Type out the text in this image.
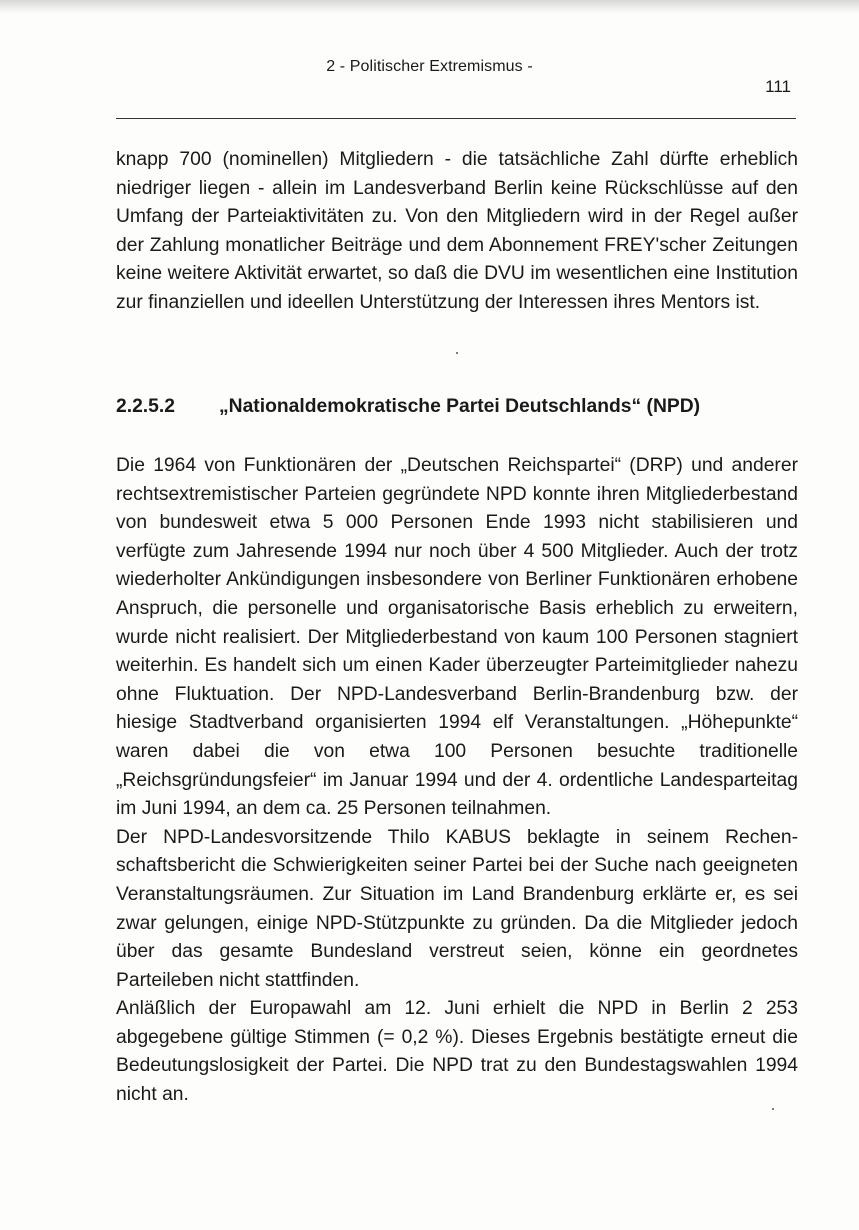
2 - Politischer Extremismus -
111

knapp 700 (nominellen) Mitgliedern - die tatsächliche Zahl dürfte erheblich niedriger liegen - allein im Landesverband Berlin keine Rückschlüsse auf den Umfang der Parteiaktivitäten zu. Von den Mitgliedern wird in der Regel außer der Zahlung monatlicher Beiträge und dem Abonnement FREY'scher Zeitungen keine weitere Aktivität erwartet, so daß die DVU im wesentlichen eine Institution zur finanziellen und ideellen Unterstützung der Interessen ihres Mentors ist.

2.2.5.2	„Nationaldemokratische Partei Deutschlands“ (NPD)

Die 1964 von Funktionären der „Deutschen Reichspartei“ (DRP) und anderer rechtsextremistischer Parteien gegründete NPD konnte ihren Mitgliederbestand von bundesweit etwa 5 000 Personen Ende 1993 nicht stabilisieren und verfügte zum Jahresende 1994 nur noch über 4 500 Mitglieder. Auch der trotz wiederholter Ankündigungen insbesondere von Berliner Funktionären erhobene Anspruch, die personelle und organisatorische Basis erheblich zu erweitern, wurde nicht realisiert. Der Mitgliederbestand von kaum 100 Personen stagniert weiterhin. Es handelt sich um einen Kader überzeugter Parteimitglieder nahezu ohne Fluktuation. Der NPD-Landesverband Berlin-Brandenburg bzw. der hiesige Stadtverband organisierten 1994 elf Veranstaltungen. „Höhepunkte“ waren dabei die von etwa 100 Personen besuchte traditionelle „Reichsgründungsfeier“ im Januar 1994 und der 4. ordentliche Landesparteitag im Juni 1994, an dem ca. 25 Personen teilnahmen.

Der NPD-Landesvorsitzende Thilo KABUS beklagte in seinem Rechenschaftsbericht die Schwierigkeiten seiner Partei bei der Suche nach geeigneten Veranstaltungsräumen. Zur Situation im Land Brandenburg erklärte er, es sei zwar gelungen, einige NPD-Stützpunkte zu gründen. Da die Mitglieder jedoch über das gesamte Bundesland verstreut seien, könne ein geordnetes Parteileben nicht stattfinden.

Anläßlich der Europawahl am 12. Juni erhielt die NPD in Berlin 2 253 abgegebene gültige Stimmen (= 0,2 %). Dieses Ergebnis bestätigte erneut die Bedeutungslosigkeit der Partei. Die NPD trat zu den Bundestagswahlen 1994 nicht an.
